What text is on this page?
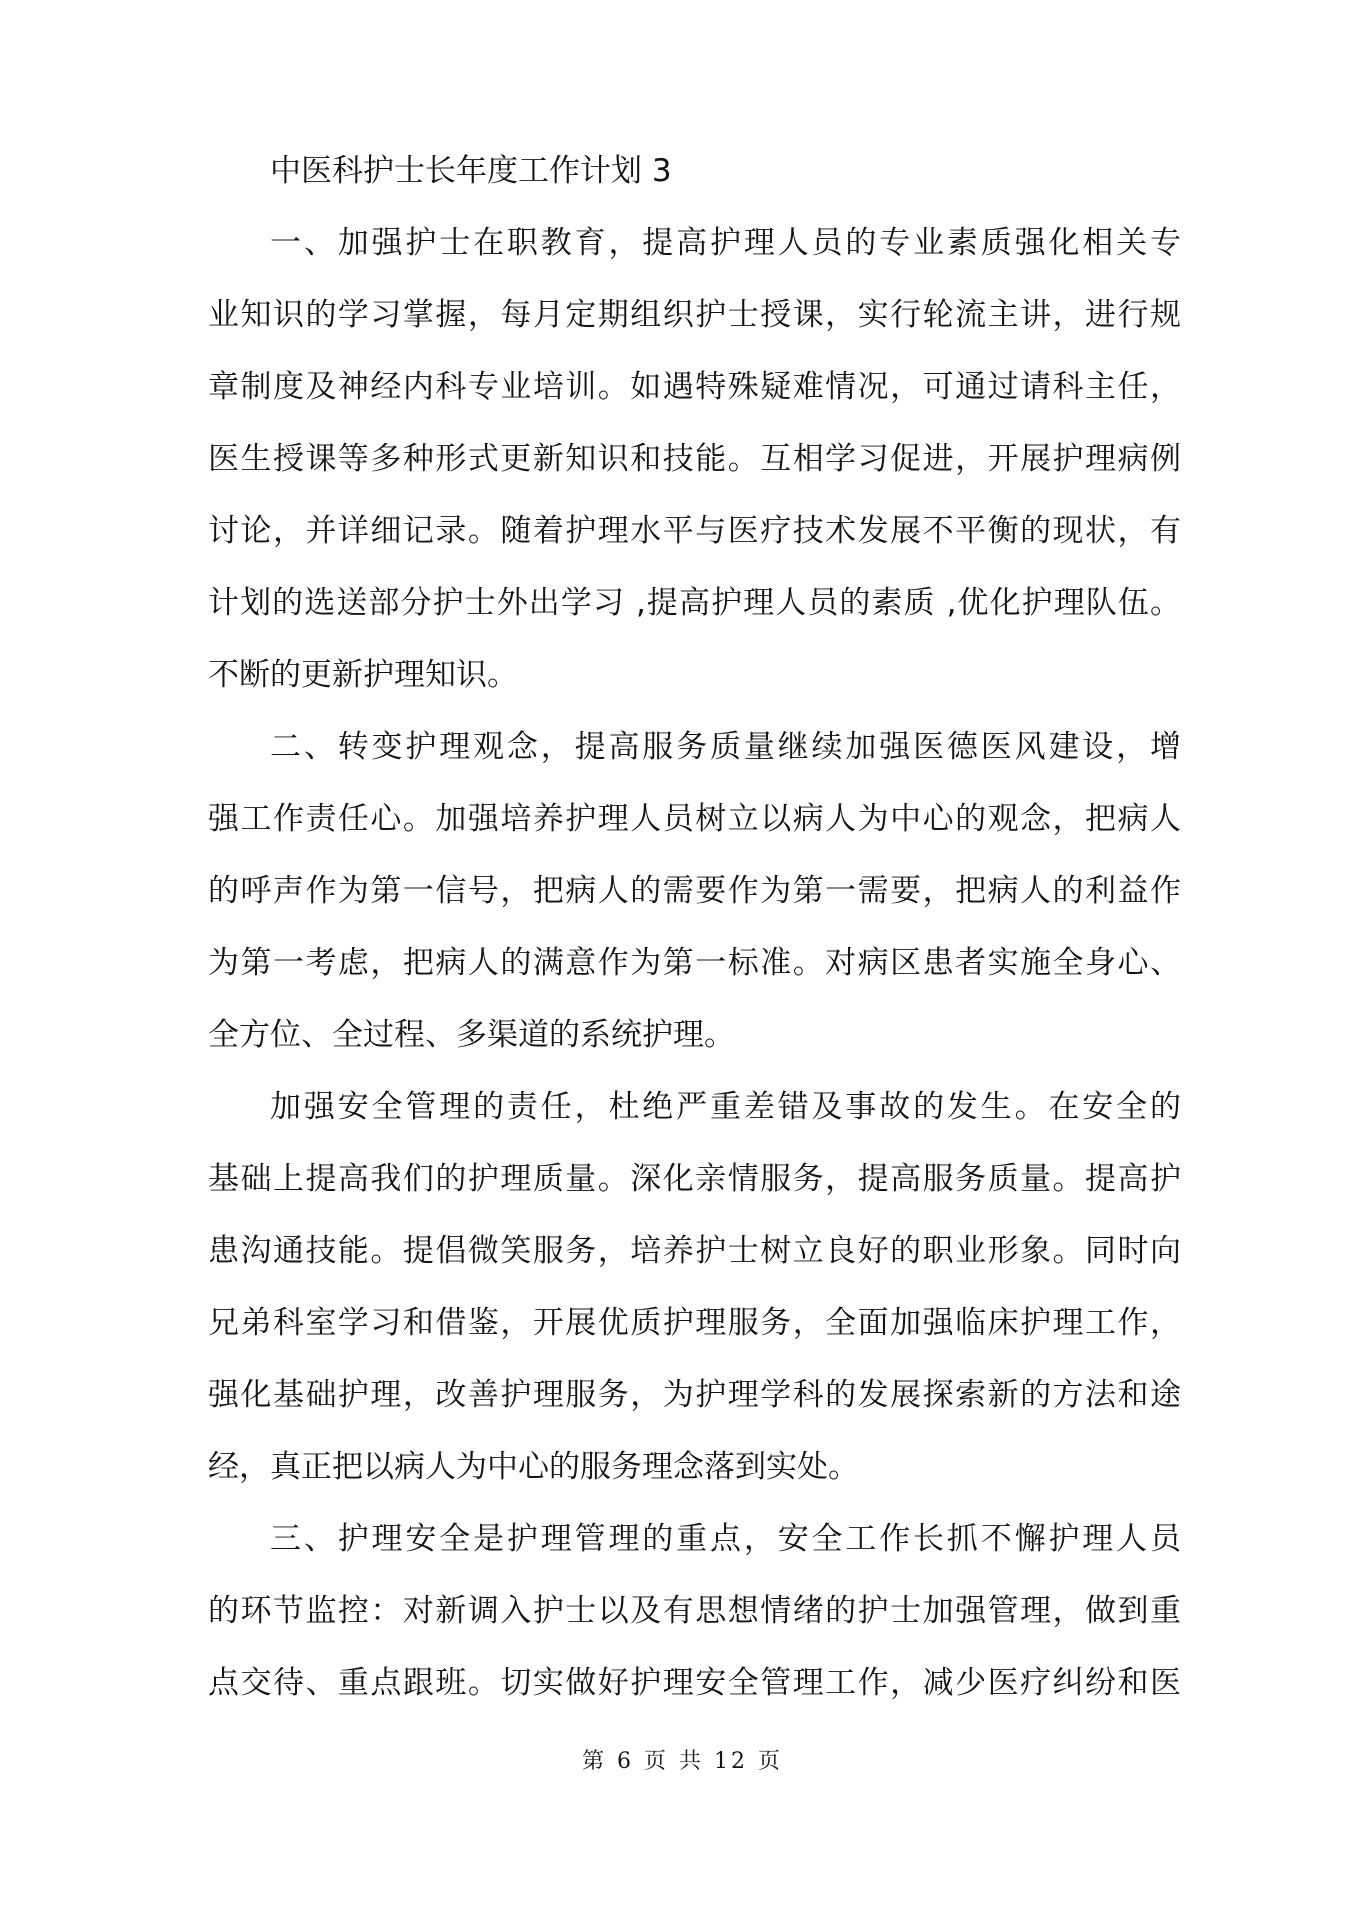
中医科护士长年度工作计划 3
一、加强护士在职教育，提高护理人员的专业素质强化相关专
业知识的学习掌握，每月定期组织护士授课，实行轮流主讲，进行规
章制度及神经内科专业培训。如遇特殊疑难情况，可通过请科主任，
医生授课等多种形式更新知识和技能。互相学习促进，开展护理病例
讨论，并详细记录。随着护理水平与医疗技术发展不平衡的现状，有
计划的选送部分护士外出学习 ,提高护理人员的素质 ,优化护理队伍。
不断的更新护理知识。
二、转变护理观念，提高服务质量继续加强医德医风建设，增
强工作责任心。加强培养护理人员树立以病人为中心的观念，把病人
的呼声作为第一信号，把病人的需要作为第一需要，把病人的利益作
为第一考虑，把病人的满意作为第一标准。对病区患者实施全身心、
全方位、全过程、多渠道的系统护理。
加强安全管理的责任，杜绝严重差错及事故的发生。在安全的
基础上提高我们的护理质量。深化亲情服务，提高服务质量。提高护
患沟通技能。提倡微笑服务，培养护士树立良好的职业形象。同时向
兄弟科室学习和借鉴，开展优质护理服务，全面加强临床护理工作，
强化基础护理，改善护理服务，为护理学科的发展探索新的方法和途
经，真正把以病人为中心的服务理念落到实处。
三、护理安全是护理管理的重点，安全工作长抓不懈护理人员
的环节监控：对新调入护士以及有思想情绪的护士加强管理，做到重
点交待、重点跟班。切实做好护理安全管理工作，减少医疗纠纷和医
第 6 页 共 12 页
